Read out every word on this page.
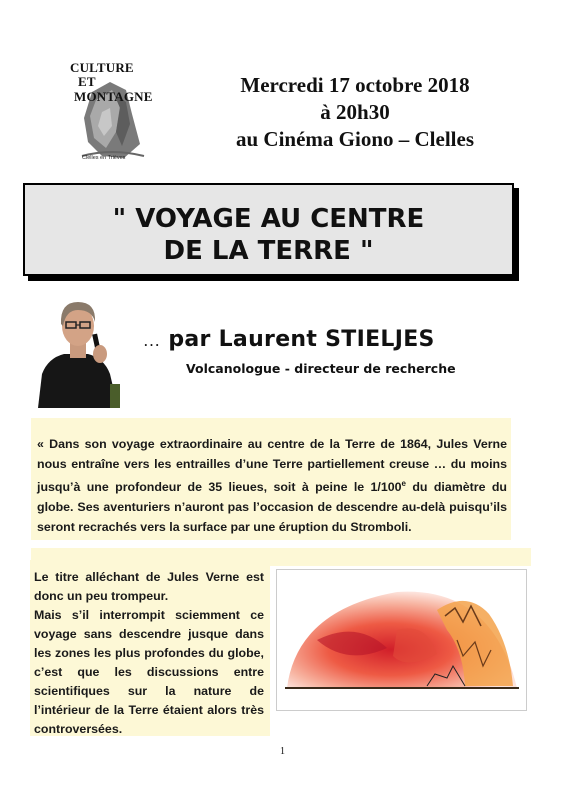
CULTURE
ET
MONTAGNE
Clelles en Trièves
Mercredi 17 octobre 2018
à 20h30
au Cinéma Giono – Clelles
" VOYAGE AU CENTRE
DE LA TERRE "
… par Laurent STIELJES
Volcanologue - directeur de recherche

« Dans son voyage extraordinaire au centre de la Terre de 1864, Jules Verne nous entraîne vers les entrailles d’une Terre partiellement creuse … du moins jusqu’à une profondeur de 35 lieues, soit à peine le 1/100e du diamètre du globe. Ses aventuriers n’auront pas l’occasion de descendre au-delà puisqu’ils seront recrachés vers la surface par une éruption du Stromboli.

Le titre alléchant de Jules Verne est donc un peu trompeur.

Mais s’il interrompit sciemment ce voyage sans descendre jusque dans les zones les plus profondes du globe, c’est que les discussions entre scientifiques sur la nature de l’intérieur de la Terre étaient alors très controversées.

1
